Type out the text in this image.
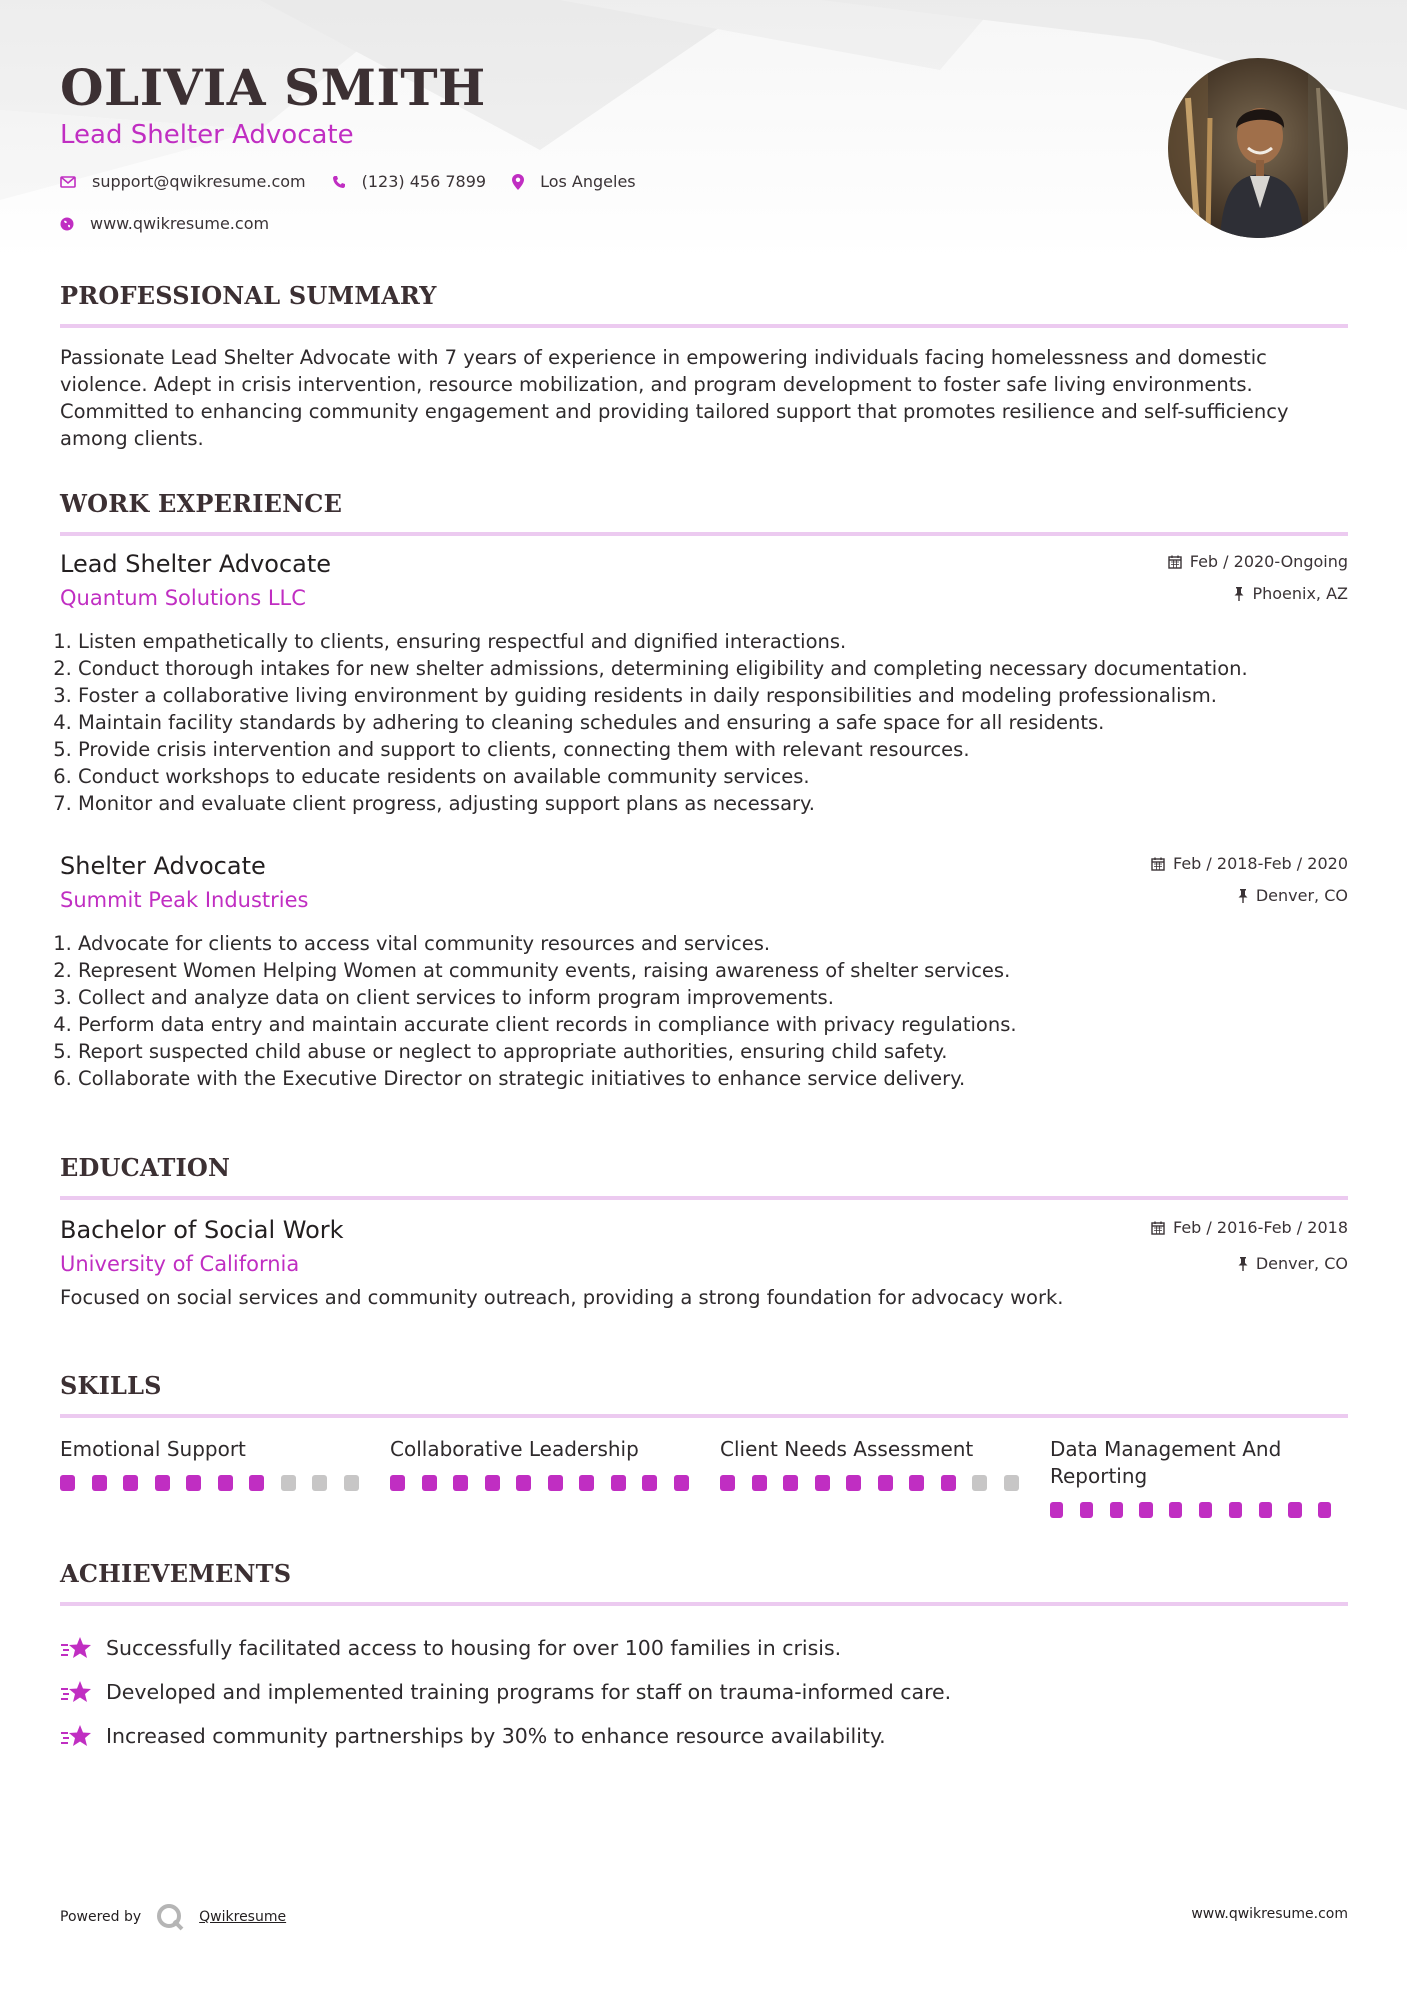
OLIVIA SMITH
Lead Shelter Advocate
support@qwikresume.com	(123) 456 7899	Los Angeles
www.qwikresume.com
PROFESSIONAL SUMMARY

Passionate Lead Shelter Advocate with 7 years of experience in empowering individuals facing homelessness and domestic violence. Adept in crisis intervention, resource mobilization, and program development to foster safe living environments. Committed to enhancing community engagement and providing tailored support that promotes resilience and self-sufficiency among clients.

WORK EXPERIENCE
Lead Shelter Advocate
Quantum Solutions LLC
Feb / 2020-Ongoing
Phoenix, AZ
1. Listen empathetically to clients, ensuring respectful and dignified interactions.
2. Conduct thorough intakes for new shelter admissions, determining eligibility and completing necessary documentation.
3. Foster a collaborative living environment by guiding residents in daily responsibilities and modeling professionalism.
4. Maintain facility standards by adhering to cleaning schedules and ensuring a safe space for all residents.
5. Provide crisis intervention and support to clients, connecting them with relevant resources.
6. Conduct workshops to educate residents on available community services.
7. Monitor and evaluate client progress, adjusting support plans as necessary.
Shelter Advocate
Summit Peak Industries
Feb / 2018-Feb / 2020
Denver, CO
1. Advocate for clients to access vital community resources and services.
2. Represent Women Helping Women at community events, raising awareness of shelter services.
3. Collect and analyze data on client services to inform program improvements.
4. Perform data entry and maintain accurate client records in compliance with privacy regulations.
5. Report suspected child abuse or neglect to appropriate authorities, ensuring child safety.
6. Collaborate with the Executive Director on strategic initiatives to enhance service delivery.
EDUCATION
Bachelor of Social Work
University of California
Feb / 2016-Feb / 2018
Denver, CO

Focused on social services and community outreach, providing a strong foundation for advocacy work.

SKILLS
Emotional Support	Collaborative Leadership	Client Needs Assessment	Data Management And Reporting
ACHIEVEMENTS
Successfully facilitated access to housing for over 100 families in crisis.
Developed and implemented training programs for staff on trauma-informed care.
Increased community partnerships by 30% to enhance resource availability.
Powered by	Qwikresume	www.qwikresume.com
